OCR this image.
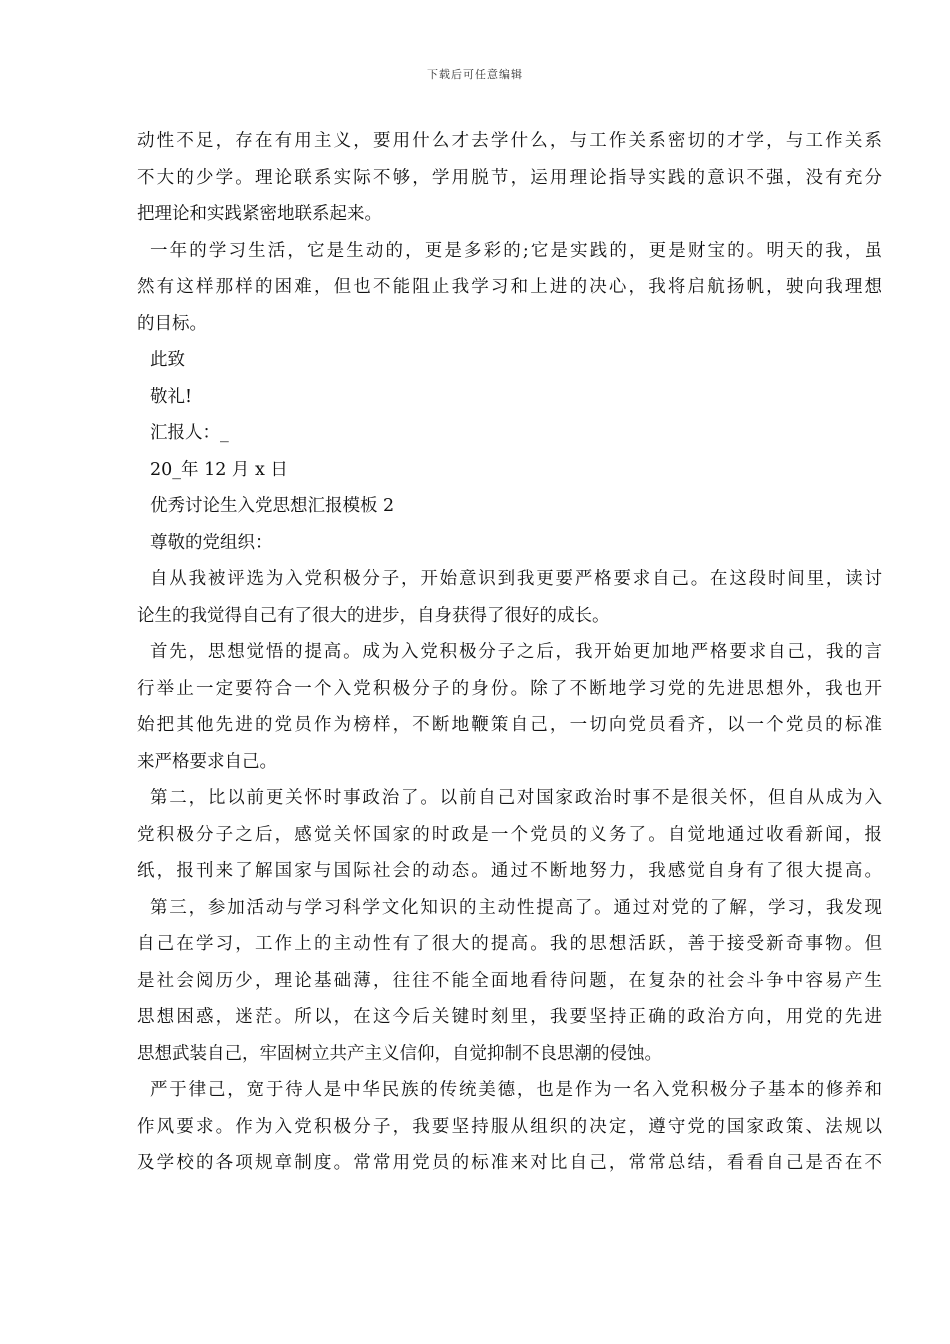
下载后可任意编辑
动性不足，存在有用主义，要用什么才去学什么，与工作关系密切的才学，与工作关系
不大的少学。理论联系实际不够，学用脱节，运用理论指导实践的意识不强，没有充分
把理论和实践紧密地联系起来。
一年的学习生活，它是生动的，更是多彩的;它是实践的，更是财宝的。明天的我，虽
然有这样那样的困难，但也不能阻止我学习和上进的决心，我将启航扬帆，驶向我理想
的目标。
此致
敬礼!
汇报人：_
20_年 12 月 x 日
优秀讨论生入党思想汇报模板 2
尊敬的党组织：
自从我被评选为入党积极分子，开始意识到我更要严格要求自己。在这段时间里，读讨
论生的我觉得自己有了很大的进步，自身获得了很好的成长。
首先，思想觉悟的提高。成为入党积极分子之后，我开始更加地严格要求自己，我的言
行举止一定要符合一个入党积极分子的身份。除了不断地学习党的先进思想外，我也开
始把其他先进的党员作为榜样，不断地鞭策自己，一切向党员看齐，以一个党员的标准
来严格要求自己。
第二，比以前更关怀时事政治了。以前自己对国家政治时事不是很关怀，但自从成为入
党积极分子之后，感觉关怀国家的时政是一个党员的义务了。自觉地通过收看新闻，报
纸，报刊来了解国家与国际社会的动态。通过不断地努力，我感觉自身有了很大提高。
第三，参加活动与学习科学文化知识的主动性提高了。通过对党的了解，学习，我发现
自己在学习，工作上的主动性有了很大的提高。我的思想活跃，善于接受新奇事物。但
是社会阅历少，理论基础薄，往往不能全面地看待问题，在复杂的社会斗争中容易产生
思想困惑，迷茫。所以，在这今后关键时刻里，我要坚持正确的政治方向，用党的先进
思想武装自己，牢固树立共产主义信仰，自觉抑制不良思潮的侵蚀。
严于律己，宽于待人是中华民族的传统美德，也是作为一名入党积极分子基本的修养和
作风要求。作为入党积极分子，我要坚持服从组织的决定，遵守党的国家政策、法规以
及学校的各项规章制度。常常用党员的标准来对比自己，常常总结，看看自己是否在不
